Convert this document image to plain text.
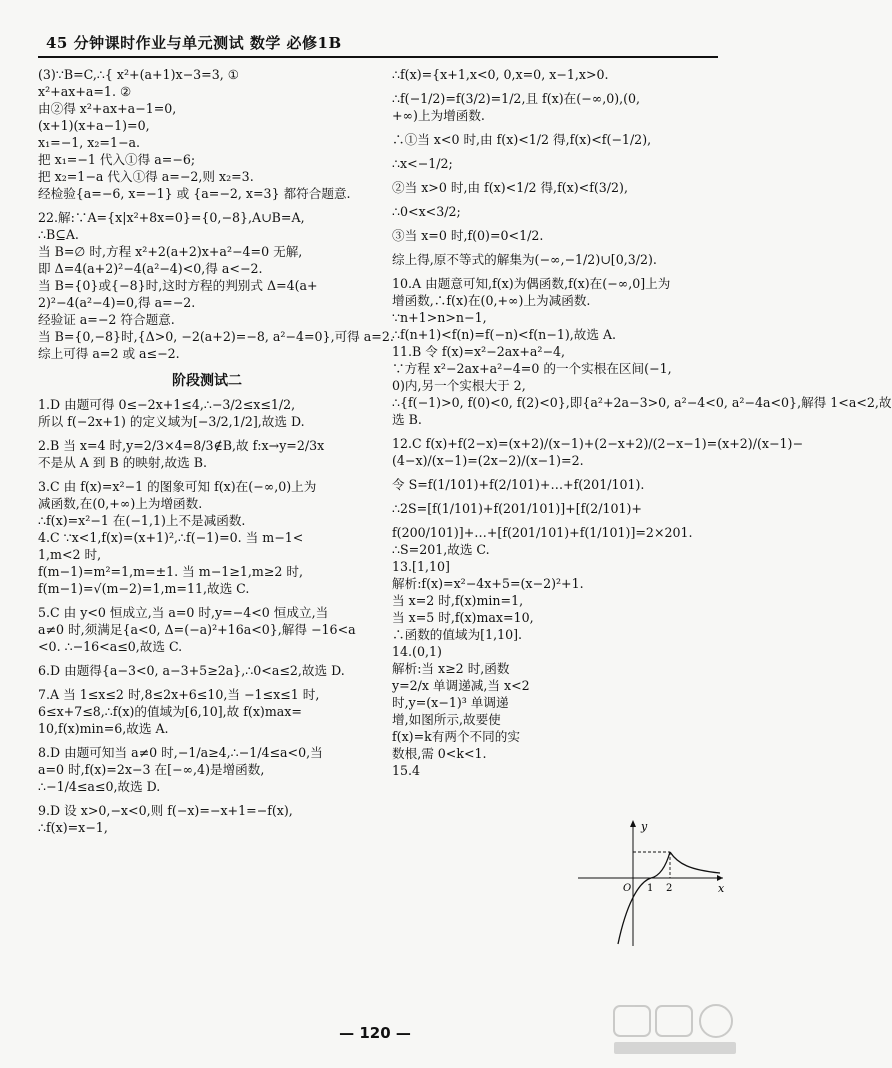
45 分钟课时作业与单元测试 数学 必修1B
(3)∵B=C,∴{ x²+(a+1)x−3=3, ①
x²+ax+a=1. ②
由②得 x²+ax+a−1=0,
(x+1)(x+a−1)=0,
x₁=−1, x₂=1−a.
把 x₁=−1 代入①得 a=−6;
把 x₂=1−a 代入①得 a=−2,则 x₂=3.
经检验{a=−6, x=−1} 或 {a=−2, x=3} 都符合题意.
22.解:∵A={x|x²+8x=0}={0,−8},A∪B=A,
∴B⊆A.
当 B=∅ 时,方程 x²+2(a+2)x+a²−4=0 无解,
即 Δ=4(a+2)²−4(a²−4)<0,得 a<−2.
当 B={0}或{−8}时,这时方程的判别式 Δ=4(a+
2)²−4(a²−4)=0,得 a=−2.
经验证 a=−2 符合题意.
当 B={0,−8}时,{Δ>0, −2(a+2)=−8, a²−4=0},可得 a=2.
综上可得 a=2 或 a≤−2.
阶段测试二
1.D 由题可得 0≤−2x+1≤4,∴−3/2≤x≤1/2,
所以 f(−2x+1) 的定义域为[−3/2,1/2],故选 D.
2.B 当 x=4 时,y=2/3×4=8/3∉B,故 f:x→y=2/3x
不是从 A 到 B 的映射,故选 B.
3.C 由 f(x)=x²−1 的图象可知 f(x)在(−∞,0)上为
减函数,在(0,+∞)上为增函数.
∴f(x)=x²−1 在(−1,1)上不是减函数.
4.C ∵x<1,f(x)=(x+1)²,∴f(−1)=0. 当 m−1<
1,m<2 时,
f(m−1)=m²=1,m=±1. 当 m−1≥1,m≥2 时,
f(m−1)=√(m−2)=1,m=11,故选 C.
5.C 由 y<0 恒成立,当 a=0 时,y=−4<0 恒成立,当
a≠0 时,须满足{a<0, Δ=(−a)²+16a<0},解得 −16<a
<0. ∴−16<a≤0,故选 C.
6.D 由题得{a−3<0, a−3+5≥2a},∴0<a≤2,故选 D.
7.A 当 1≤x≤2 时,8≤2x+6≤10,当 −1≤x≤1 时,
6≤x+7≤8,∴f(x)的值域为[6,10],故 f(x)max=
10,f(x)min=6,故选 A.
8.D 由题可知当 a≠0 时,−1/a≥4,∴−1/4≤a<0,当
a=0 时,f(x)=2x−3 在[−∞,4)是增函数,
∴−1/4≤a≤0,故选 D.
9.D 设 x>0,−x<0,则 f(−x)=−x+1=−f(x),
∴f(x)=x−1,
∴f(x)={x+1,x<0, 0,x=0, x−1,x>0.
∴f(−1/2)=f(3/2)=1/2,且 f(x)在(−∞,0),(0,
+∞)上为增函数.
∴①当 x<0 时,由 f(x)<1/2 得,f(x)<f(−1/2),
∴x<−1/2;
②当 x>0 时,由 f(x)<1/2 得,f(x)<f(3/2),
∴0<x<3/2;
③当 x=0 时,f(0)=0<1/2.
综上得,原不等式的解集为(−∞,−1/2)∪[0,3/2).
10.A 由题意可知,f(x)为偶函数,f(x)在(−∞,0]上为
增函数,∴f(x)在(0,+∞)上为减函数.
∵n+1>n>n−1,
∴f(n+1)<f(n)=f(−n)<f(n−1),故选 A.
11.B 令 f(x)=x²−2ax+a²−4,
∵方程 x²−2ax+a²−4=0 的一个实根在区间(−1,
0)内,另一个实根大于 2,
∴{f(−1)>0, f(0)<0, f(2)<0},即{a²+2a−3>0, a²−4<0, a²−4a<0},解得 1<a<2,故
选 B.
12.C f(x)+f(2−x)=(x+2)/(x−1)+(2−x+2)/(2−x−1)=(x+2)/(x−1)−
(4−x)/(x−1)=(2x−2)/(x−1)=2.
令 S=f(1/101)+f(2/101)+…+f(201/101).
∴2S=[f(1/101)+f(201/101)]+[f(2/101)+
f(200/101)]+…+[f(201/101)+f(1/101)]=2×201.
∴S=201,故选 C.
13.[1,10]
解析:f(x)=x²−4x+5=(x−2)²+1.
当 x=2 时,f(x)min=1,
当 x=5 时,f(x)max=10,
∴函数的值域为[1,10].
14.(0,1)
解析:当 x≥2 时,函数
y=2/x 单调递减,当 x<2
时,y=(x−1)³ 单调递
增,如图所示,故要使
f(x)=k有两个不同的实
数根,需 0<k<1.
15.4
y
x
O 1 2
— 120 —
